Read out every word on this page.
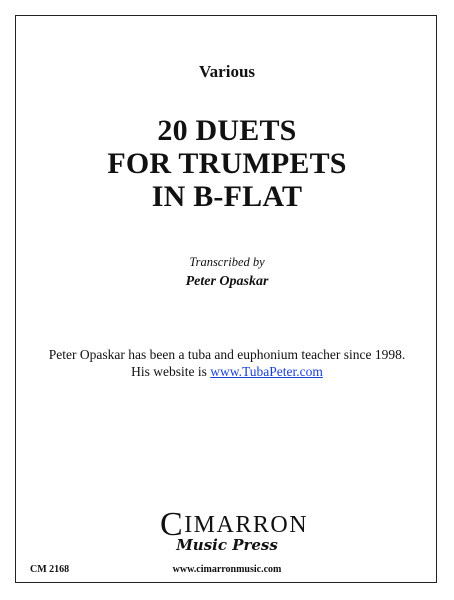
Various
20 DUETS
FOR TRUMPETS
IN B-FLAT
Transcribed by
Peter Opaskar
Peter Opaskar has been a tuba and euphonium teacher since 1998.
His website is www.TubaPeter.com
CIMARRON
Music Press
CM 2168	www.cimarronmusic.com
